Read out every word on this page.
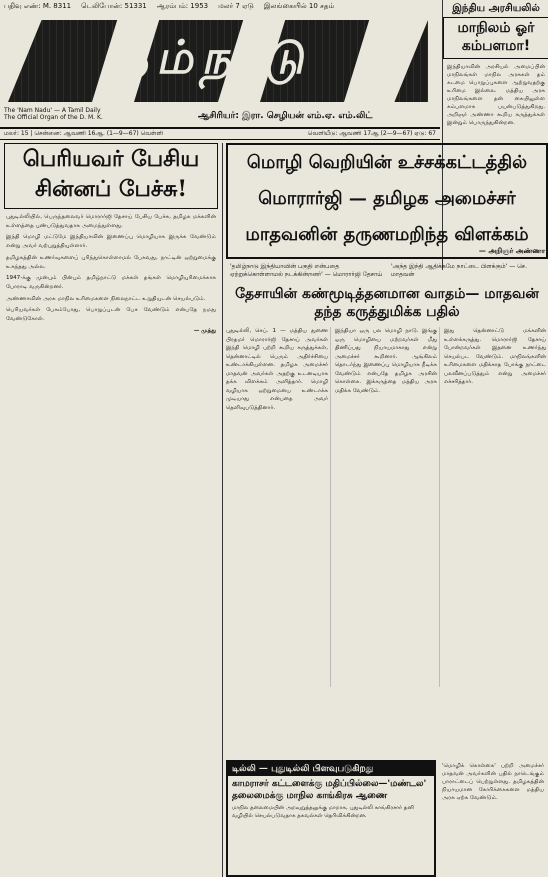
பதிவு எண்: M. 8311 டெலிபோன்: 51331 ஆரம்பம்: 1953 மலர் 7 ஏடு இலங்கையில் 10 சதம்
நம்நாடு
The 'Nam Nadu' — A Tamil Daily
The Official Organ of the D. M. K.	ஆசிரியர்: இரா. செழியன் எம்.ஏ. எம்.லிட்
இந்திய அரசியலில்
மாநிலம் ஓர் கம்பளமா!
இந்தியாவின் அரசியல் அமைப்பின் மாநிலங்கள் மாநில அரசுகள் தம் கடமை பொறுப்புகளை ஆற்றுவதற்கு உரிமை இல்லை. மத்திய அரசு மாநிலங்களை தன் கையிலுள்ள கம்பளமாக பயன்படுத்துகிறது. அறிஞர் அண்ணா கூறிய கருத்துக்கள் இன்றும் பொருந்துகின்றன.
— அறிஞர் அண்ணா
மலர்: 15 | சென்னை: ஆவணி 16ஆ. (1—9—67) வெள்ளி	வெளியீடு: ஆவணி 17ஆ (2—9—67) ஏடு: 67
பெரியவர் பேசிய சின்னப் பேச்சு!

புதுடில்லியில், பெருந்தலைவர் மொரார்ஜி தேசாய் பேசிய பேச்சு, தமிழக மக்களின் உள்ளத்தை புண்படுத்துவதாக அமைந்துள்ளது.

இந்தி மொழி மட்டுமே இந்தியாவின் இணைப்பு மொழியாக இருக்க வேண்டும் என்று அவர் வற்புறுத்தியுள்ளார்.

தமிழகத்தின் உணர்வுகளைப் புரிந்துகொள்ளாமல் பேசுவது, நாட்டின் ஒற்றுமைக்கு உகந்தது அல்ல.

1947-க்கு முன்பும் பின்பும் தமிழ்நாட்டு மக்கள் தங்கள் மொழியுரிமைக்காக போராடி வருகின்றனர்.

அண்ணாவின் அரசு மாநில உரிமைகளை நிலைநாட்ட உறுதியுடன் செயல்படும்.

பெரியவர்கள் பேசும்போது, பொறுப்புடன் பேச வேண்டும் என்பதே நமது வேண்டுகோள்.

— முத்து

மொழி வெறியின் உச்சக்கட்டத்தில் மொரார்ஜி — தமிழக அமைச்சர் மாதவனின் தருணமறிந்த விளக்கம்
'தமிழ்நாடு இந்தியாவின் பகுதி என்பதை ஏற்றுக்கொள்ளாமல் நடக்கின்றனர்' — மொரார்ஜி தேசாய்
'அந்த இந்தி ஆதிக்கமே நாட்டை பிளக்கும்' — செ. மாதவன்
தேசாயின் கண்மூடித்தனமான வாதம்— மாதவன் தந்த கருத்துமிக்க பதில்
புதுடில்லி, செப். 1 — மத்திய துணை பிரதமர் மொரார்ஜி தேசாய் அவர்கள் இந்தி மொழி பற்றி கூறிய கருத்துக்கள், தென்னாட்டில் பெரும் அதிர்ச்சியை உண்டாக்கியுள்ளன. தமிழக அமைச்சர் மாதவன் அவர்கள் அதற்கு உடனடியாக தக்க விளக்கம் அளித்தார். மொழி வழியாக ஒற்றுமையை உண்டாக்க முடியாது என்பதை அவர் தெளிவுபடுத்தினார்.
இந்தியா ஒரு பல மொழி நாடு. இங்கு ஒரு மொழியை மற்றவர்கள் மீது திணிப்பது நியாயமாகாது என்று அமைச்சர் கூறினார். ஆங்கிலம் தொடர்ந்து இணைப்பு மொழியாக நீடிக்க வேண்டும் என்பதே தமிழக அரசின் கொள்கை. இக்கருத்தை மத்திய அரசு மதிக்க வேண்டும்.
இது தென்னாட்டு மக்களின் உள்ளக்கருத்து. மொரார்ஜி தேசாய் போன்றவர்கள் இதனை உணர்ந்து செயல்பட வேண்டும். மாநிலங்களின் உரிமைகளை மதிக்காத போக்கு நாட்டை பலவீனப்படுத்தும் என்று அமைச்சர் எச்சரித்தார்.
டில்லி — புதுடில்லி பிளவுபடுகிறது
காமராசர் கட்டளைக்கு மதிப்பில்லை—'மண்டல' தலைமைக்கு மாநில காங்கிரசு ஆணை
மாநில தலைமையின் அறவுறுத்தலுக்கு மாறாக, புதுடில்லி காங்கிரசார் தனி வழியில் செயல்படுவதாக தகவல்கள் தெரிவிக்கின்றன.
'மொழிக் கொள்கை' பற்றி அமைச்சர் மாதவன் அவர்களின் பதில் நாடெங்கும் பாராட்டைப் பெற்றுள்ளது. தமிழகத்தின் நியாயமான கோரிக்கைகளை மத்திய அரசு ஏற்க வேண்டும்.
